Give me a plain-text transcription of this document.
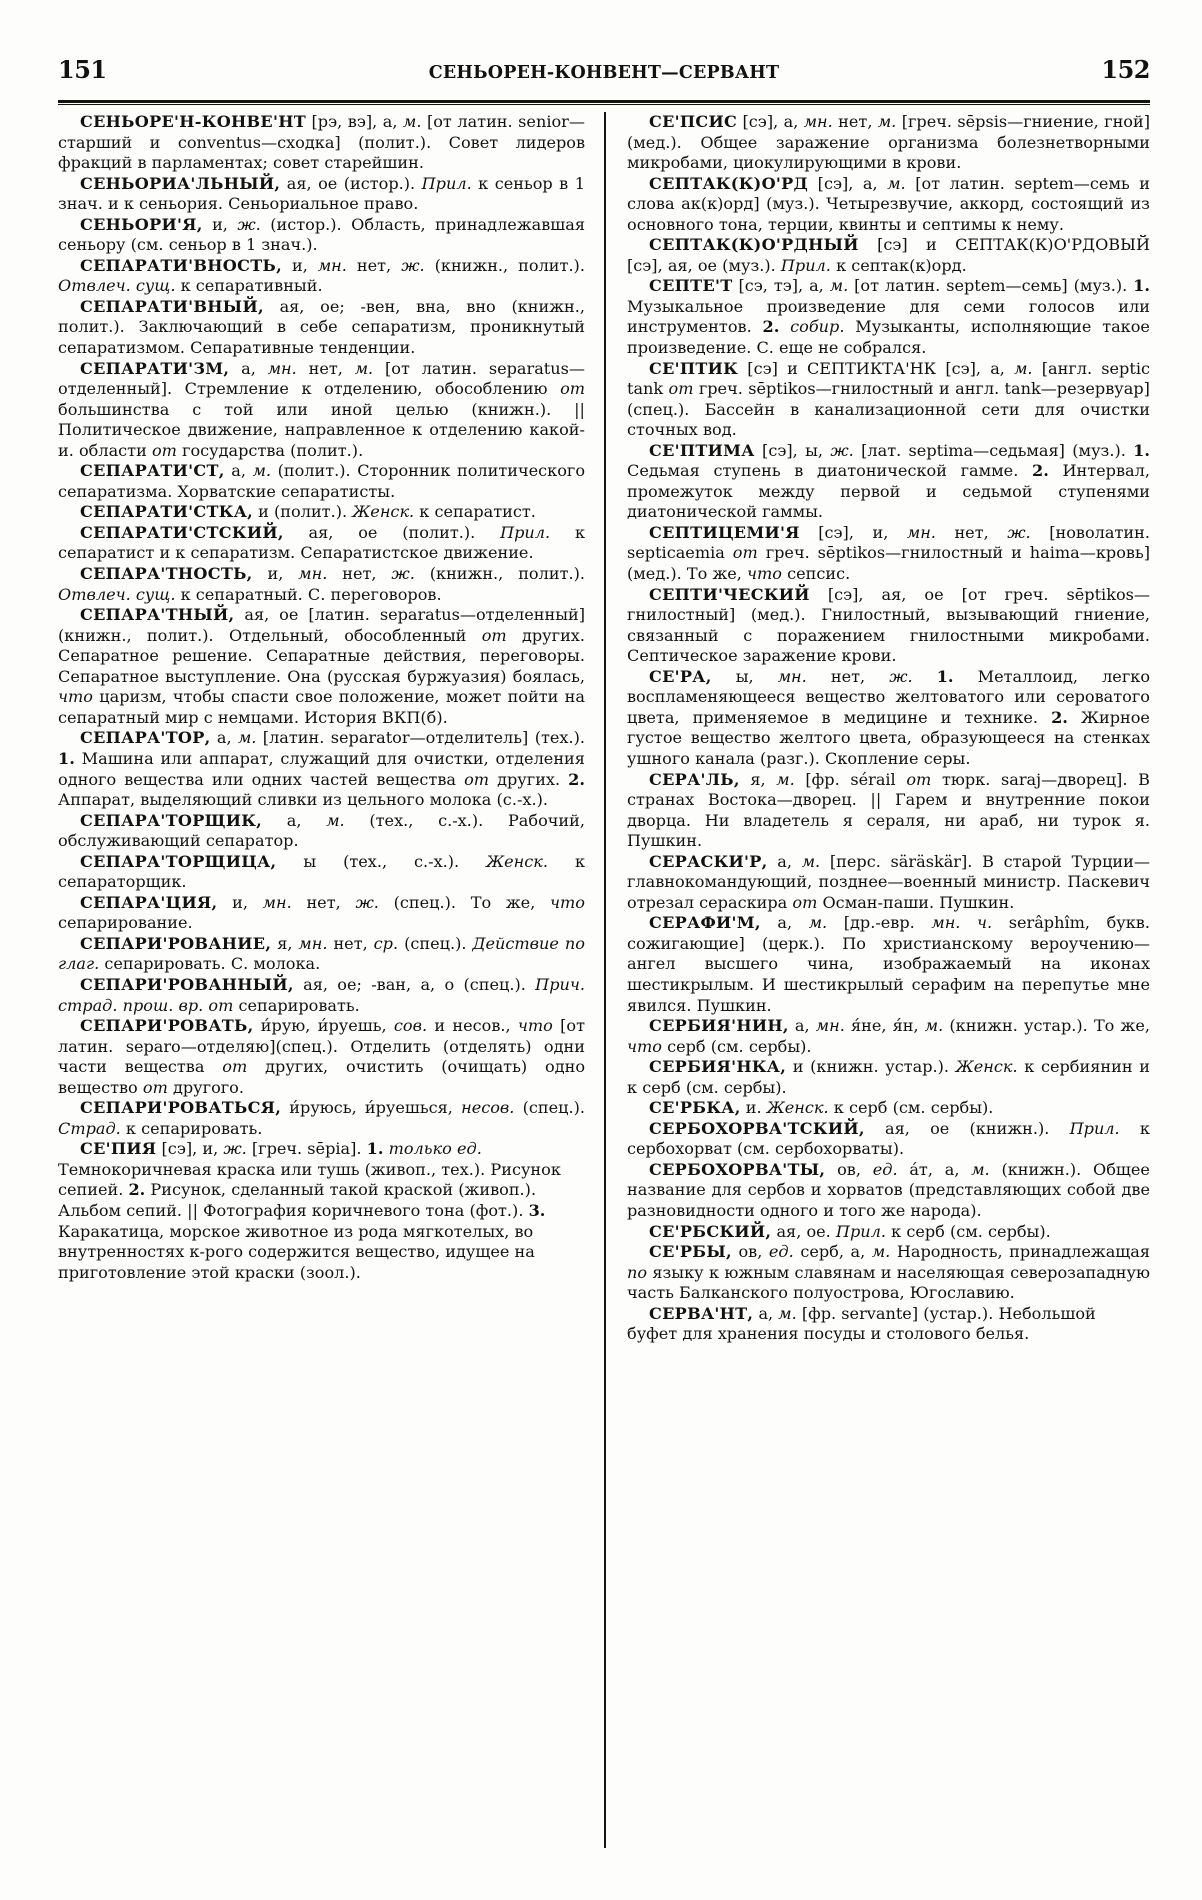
151	СЕНЬОРЕН-КОНВЕНТ—СЕРВАНТ	152

СЕНЬОРЕ'Н-КОНВЕ'НТ [рэ, вэ], а, м. [от латин. senior—старший и conventus—сходка] (полит.). Совет лидеров фракций в парламентах; совет старейшин.

СЕНЬОРИА'ЛЬНЫЙ, ая, ое (истор.). Прил. к сеньор в 1 знач. и к сеньория. Сеньориальное право.

СЕНЬОРИ'Я, и, ж. (истор.). Область, принадлежавшая сеньору (см. сеньор в 1 знач.).

СЕПАРАТИ'ВНОСТЬ, и, мн. нет, ж. (книжн., полит.). Отвлеч. сущ. к сепаративный.

СЕПАРАТИ'ВНЫЙ, ая, ое; -вен, вна, вно (книжн., полит.). Заключающий в себе сепаратизм, проникнутый сепаратизмом. Сепаративные тенденции.

СЕПАРАТИ'ЗМ, а, мн. нет, м. [от латин. separatus—отделенный]. Стремление к отделению, обособлению от большинства с той или иной целью (книжн.). || Политическое движение, направленное к отделению какой-и. области от государства (полит.).

СЕПАРАТИ'СТ, а, м. (полит.). Сторонник политического сепаратизма. Хорватские сепаратисты.

СЕПАРАТИ'СТКА, и (полит.). Женск. к сепаратист.

СЕПАРАТИ'СТСКИЙ, ая, ое (полит.). Прил. к сепаратист и к сепаратизм. Сепаратистское движение.

СЕПАРА'ТНОСТЬ, и, мн. нет, ж. (книжн., полит.). Отвлеч. сущ. к сепаратный. С. переговоров.

СЕПАРА'ТНЫЙ, ая, ое [латин. separatus—отделенный] (книжн., полит.). Отдельный, обособленный от других. Сепаратное решение. Сепаратные действия, переговоры. Сепаратное выступление. Она (русская буржуазия) боялась, что царизм, чтобы спасти свое положение, может пойти на сепаратный мир с немцами. История ВКП(б).

СЕПАРА'ТОР, а, м. [латин. separator—отделитель] (тех.). 1. Машина или аппарат, служащий для очистки, отделения одного вещества или одних частей вещества от других. 2. Аппарат, выделяющий сливки из цельного молока (с.-х.).

СЕПАРА'ТОРЩИК, а, м. (тех., с.-х.). Рабочий, обслуживающий сепаратор.

СЕПАРА'ТОРЩИЦА, ы (тех., с.-х.). Женск. к сепараторщик.

СЕПАРА'ЦИЯ, и, мн. нет, ж. (спец.). То же, что сепарирование.

СЕПАРИ'РОВАНИЕ, я, мн. нет, ср. (спец.). Действие по глаг. сепарировать. С. молока.

СЕПАРИ'РОВАННЫЙ, ая, ое; -ван, а, о (спец.). Прич. страд. прош. вр. от сепарировать.

СЕПАРИ'РОВАТЬ, и́рую, и́руешь, сов. и несов., что [от латин. separo—отделяю](спец.). Отделить (отделять) одни части вещества от других, очистить (очищать) одно вещество от другого.

СЕПАРИ'РОВАТЬСЯ, и́руюсь, и́руешься, несов. (спец.). Страд. к сепарировать.

СЕ'ПИЯ [сэ], и, ж. [греч. sēpia]. 1. только ед. Темнокоричневая краска или тушь (живоп., тех.). Рисунок сепией. 2. Рисунок, сделанный такой краской (живоп.). Альбом сепий. || Фотография коричневого тона (фот.). 3. Каракатица, морское животное из рода мягкотелых, во внутренностях к-рого содержится вещество, идущее на приготовление этой краски (зоол.).

СЕ'ПСИС [сэ], а, мн. нет, м. [греч. sēpsis—гниение, гной] (мед.). Общее заражение организма болезнетворными микробами, циокулирующими в крови.

СЕПТАК(К)О'РД [сэ], а, м. [от латин. septem—семь и слова ак(к)орд] (муз.). Четырезвучие, аккорд, состоящий из основного тона, терции, квинты и септимы к нему.

СЕПТАК(К)О'РДНЫЙ [сэ] и СЕПТАК(К)О'РДОВЫЙ [сэ], ая, ое (муз.). Прил. к септак(к)орд.

СЕПТЕ'Т [сэ, тэ], а, м. [от латин. septem—семь] (муз.). 1. Музыкальное произведение для семи голосов или инструментов. 2. собир. Музыканты, исполняющие такое произведение. С. еще не собрался.

СЕ'ПТИК [сэ] и СЕПТИКТА'НК [сэ], а, м. [англ. septic tank от греч. sēptikos—гнилостный и англ. tank—резервуар] (спец.). Бассейн в канализационной сети для очистки сточных вод.

СЕ'ПТИМА [сэ], ы, ж. [лат. septima—седьмая] (муз.). 1. Седьмая ступень в диатонической гамме. 2. Интервал, промежуток между первой и седьмой ступенями диатонической гаммы.

СЕПТИЦЕМИ'Я [сэ], и, мн. нет, ж. [новолатин. septicaemia от греч. sēptikos—гнилостный и haima—кровь] (мед.). То же, что сепсис.

СЕПТИ'ЧЕСКИЙ [сэ], ая, ое [от греч. sēptikos—гнилостный] (мед.). Гнилостный, вызывающий гниение, связанный с поражением гнилостными микробами. Септическое заражение крови.

СЕ'РА, ы, мн. нет, ж. 1. Металлоид, легко воспламеняющееся вещество желтоватого или сероватого цвета, применяемое в медицине и технике. 2. Жирное густое вещество желтого цвета, образующееся на стенках ушного канала (разг.). Скопление серы.

СЕРА'ЛЬ, я, м. [фр. sérail от тюрк. saraj—дворец]. В странах Востока—дворец. || Гарем и внутренние покои дворца. Ни владетель я сераля, ни араб, ни турок я. Пушкин.

СЕРАСКИ'Р, а, м. [перс. säräskär]. В старой Турции—главнокомандующий, позднее—военный министр. Паскевич отрезал сераскира от Осман-паши. Пушкин.

СЕРАФИ'М, а, м. [др.-евр. мн. ч. serâphîm, букв. сожигающие] (церк.). По христианскому вероучению—ангел высшего чина, изображаемый на иконах шестикрылым. И шестикрылый серафим на перепутье мне явился. Пушкин.

СЕРБИЯ'НИН, а, мн. я́не, я́н, м. (книжн. устар.). То же, что серб (см. сербы).

СЕРБИЯ'НКА, и (книжн. устар.). Женск. к сербиянин и к серб (см. сербы).

СЕ'РБКА, и. Женск. к серб (см. сербы).

СЕРБОХОРВА'ТСКИЙ, ая, ое (книжн.). Прил. к сербохорват (см. сербохорваты).

СЕРБОХОРВА'ТЫ, ов, ед. а́т, а, м. (книжн.). Общее название для сербов и хорватов (представляющих собой две разновидности одного и того же народа).

СЕ'РБСКИЙ, ая, ое. Прил. к серб (см. сербы).

СЕ'РБЫ, ов, ед. серб, а, м. Народность, принадлежащая по языку к южным славянам и населяющая северозападную часть Балканского полуострова, Югославию.

СЕРВА'НТ, а, м. [фр. servante] (устар.). Небольшой буфет для хранения посуды и столового белья.
